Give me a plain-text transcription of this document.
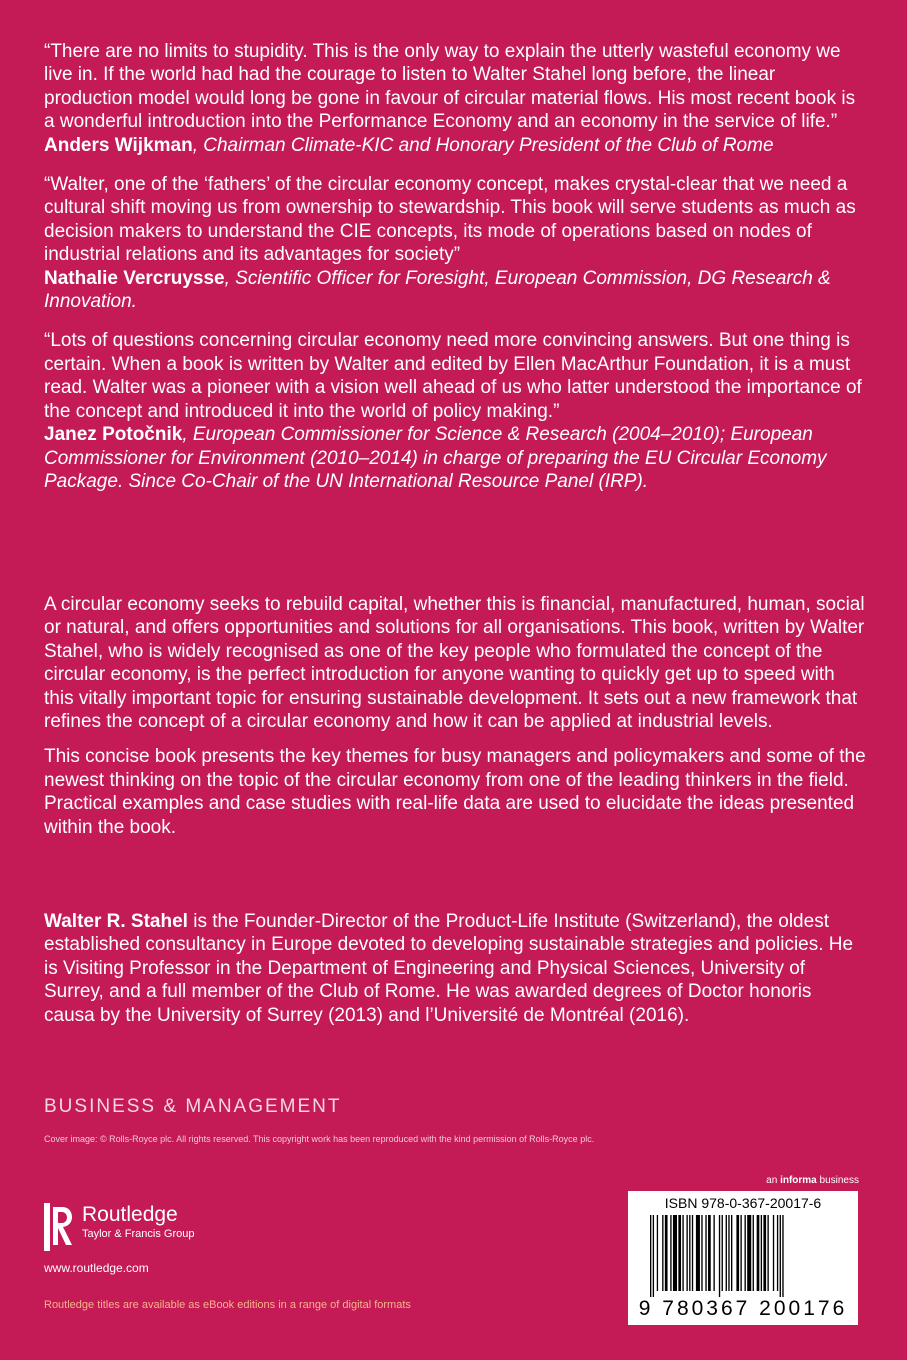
“There are no limits to stupidity. This is the only way to explain the utterly wasteful economy we live in. If the world had had the courage to listen to Walter Stahel long before, the linear production model would long be gone in favour of circular material flows. His most recent book is a wonderful introduction into the Performance Economy and an economy in the service of life.”

Anders Wijkman, Chairman Climate-KIC and Honorary President of the Club of Rome

“Walter, one of the ‘fathers’ of the circular economy concept, makes crystal-clear that we need a cultural shift moving us from ownership to stewardship. This book will serve students as much as decision makers to understand the CIE concepts, its mode of operations based on nodes of industrial relations and its advantages for society”

Nathalie Vercruysse, Scientific Officer for Foresight, European Commission, DG Research & Innovation.

“Lots of questions concerning circular economy need more convincing answers. But one thing is certain. When a book is written by Walter and edited by Ellen MacArthur Foundation, it is a must read. Walter was a pioneer with a vision well ahead of us who latter understood the importance of the concept and introduced it into the world of policy making.”

Janez Potočnik, European Commissioner for Science & Research (2004–2010); European Commissioner for Environment (2010–2014) in charge of preparing the EU Circular Economy Package. Since Co-Chair of the UN International Resource Panel (IRP).

A circular economy seeks to rebuild capital, whether this is financial, manufactured, human, social or natural, and offers opportunities and solutions for all organisations. This book, written by Walter Stahel, who is widely recognised as one of the key people who formulated the concept of the circular economy, is the perfect introduction for anyone wanting to quickly get up to speed with this vitally important topic for ensuring sustainable development. It sets out a new framework that refines the concept of a circular economy and how it can be applied at industrial levels.

This concise book presents the key themes for busy managers and policymakers and some of the newest thinking on the topic of the circular economy from one of the leading thinkers in the field. Practical examples and case studies with real-life data are used to elucidate the ideas presented within the book.

Walter R. Stahel is the Founder-Director of the Product-Life Institute (Switzerland), the oldest established consultancy in Europe devoted to developing sustainable strategies and policies. He is Visiting Professor in the Department of Engineering and Physical Sciences, University of Surrey, and a full member of the Club of Rome. He was awarded degrees of Doctor honoris causa by the University of Surrey (2013) and l’Université de Montréal (2016).

BUSINESS & MANAGEMENT
Cover image: © Rolls-Royce plc. All rights reserved. This copyright work has been reproduced with the kind permission of Rolls-Royce plc.
an informa business
Routledge
Taylor & Francis Group
www.routledge.com
Routledge titles are available as eBook editions in a range of digital formats
ISBN 978-0-367-20017-6
9 780367 200176
